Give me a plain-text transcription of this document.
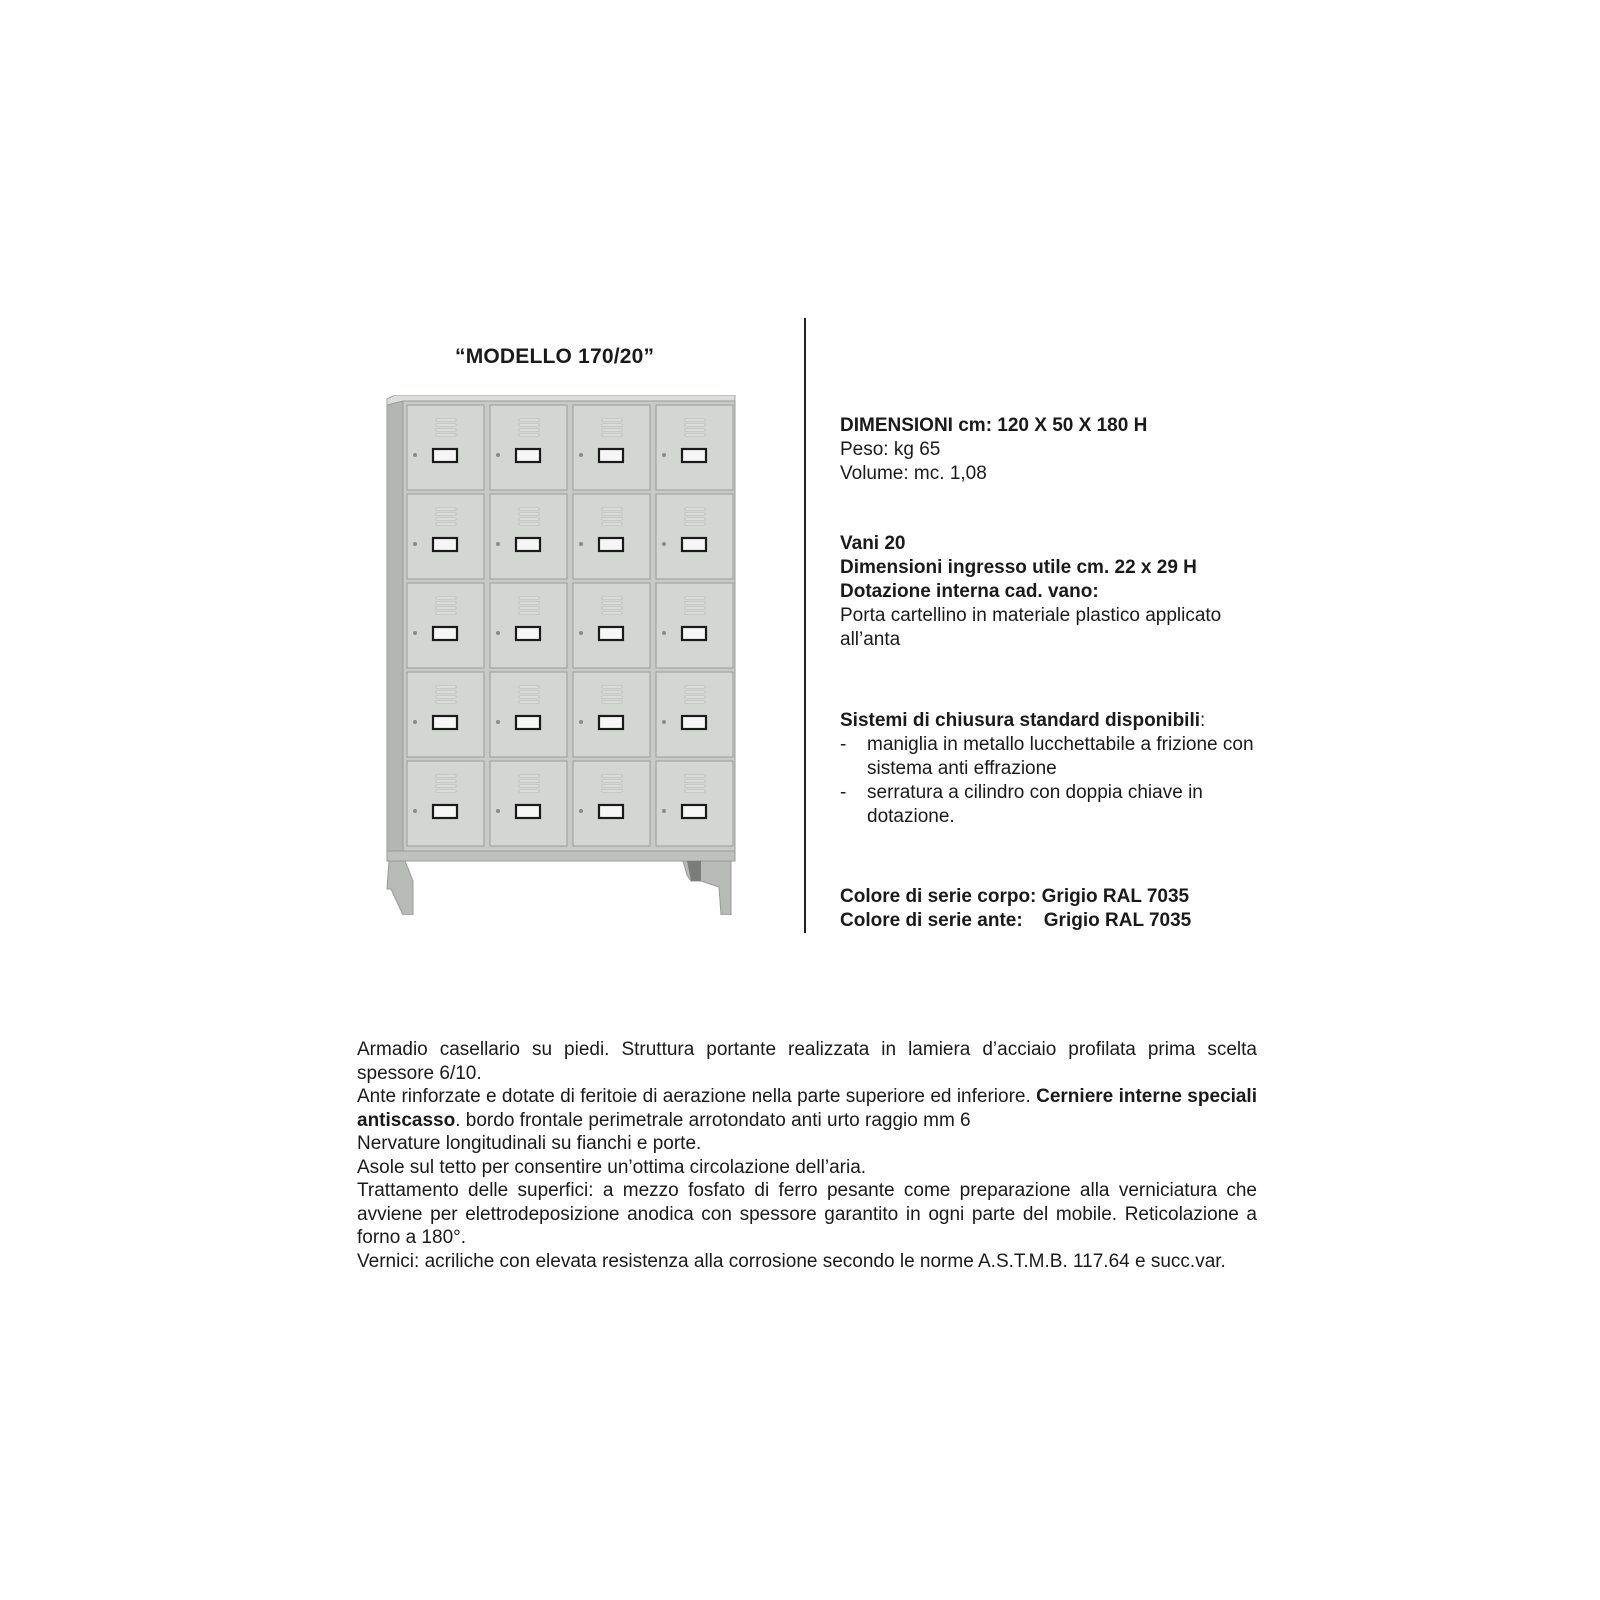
“MODELLO 170/20”
DIMENSIONI cm: 120 X 50 X 180 H
Peso: kg 65
Volume: mc. 1,08
Vani 20
Dimensioni ingresso utile cm. 22 x 29 H
Dotazione interna cad. vano:
Porta cartellino in materiale plastico applicato all’anta
Sistemi di chiusura standard disponibili:
-	maniglia in metallo lucchettabile a frizione con sistema anti effrazione
-	serratura a cilindro con doppia chiave in dotazione.
Colore di serie corpo: Grigio RAL 7035
Colore di serie ante: Grigio RAL 7035

Armadio casellario su piedi. Struttura portante realizzata in lamiera d’acciaio profilata prima scelta spessore 6/10.

Ante rinforzate e dotate di feritoie di aerazione nella parte superiore ed inferiore. Cerniere interne speciali antiscasso. bordo frontale perimetrale arrotondato anti urto raggio mm 6

Nervature longitudinali su fianchi e porte.

Asole sul tetto per consentire un’ottima circolazione dell’aria.

Trattamento delle superfici: a mezzo fosfato di ferro pesante come preparazione alla verniciatura che avviene per elettrodeposizione anodica con spessore garantito in ogni parte del mobile. Reticolazione a forno a 180°.

Vernici: acriliche con elevata resistenza alla corrosione secondo le norme A.S.T.M.B. 117.64 e succ.var.
